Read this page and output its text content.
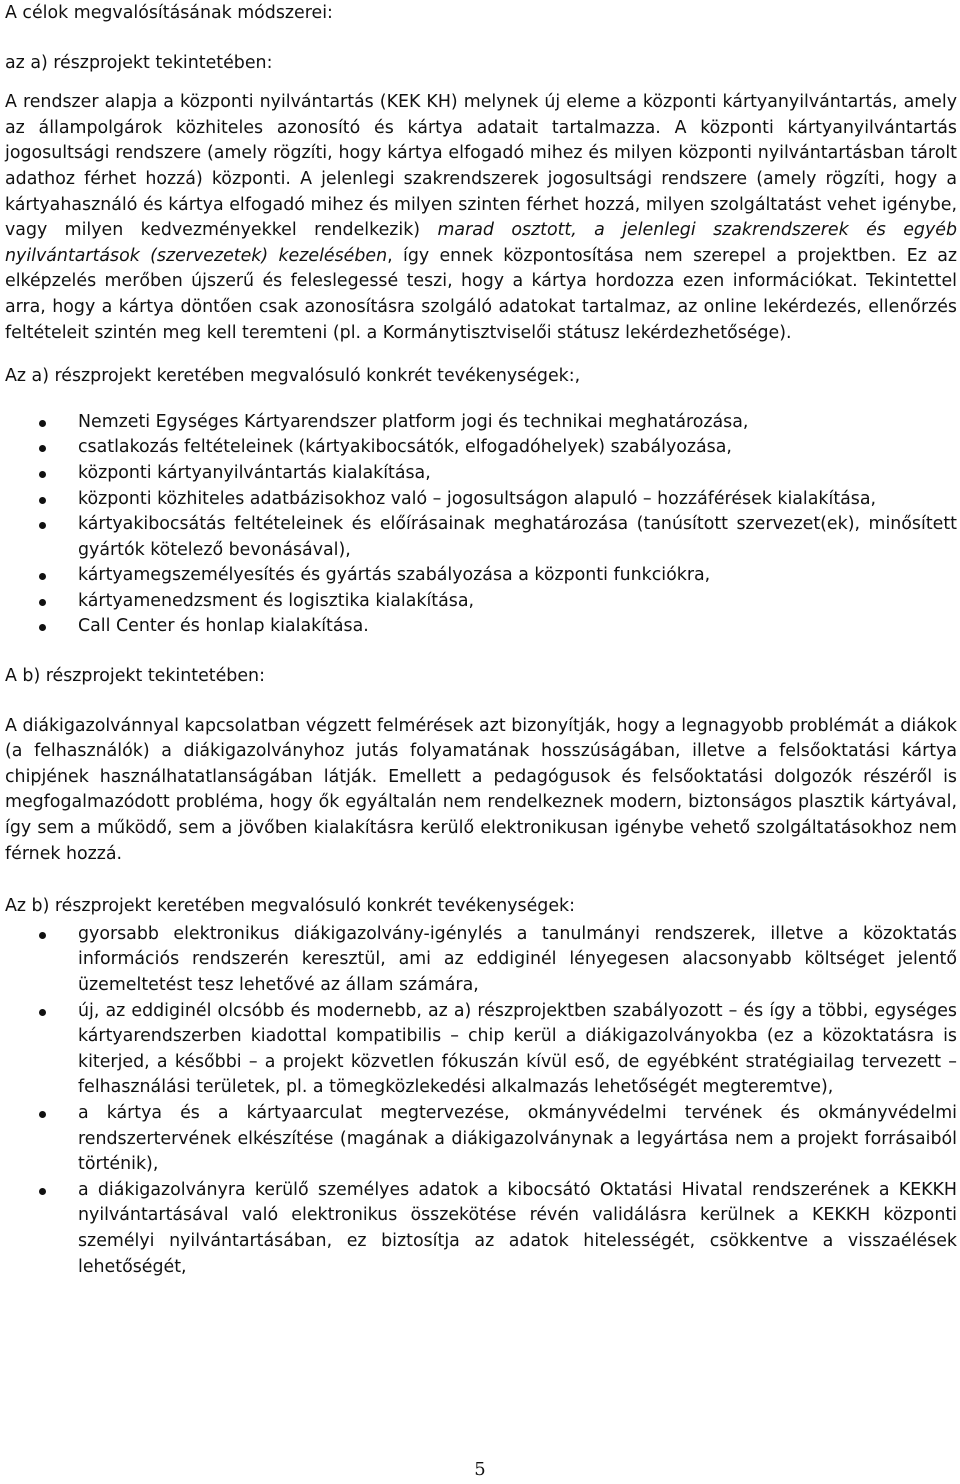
A célok megvalósításának módszerei:

az a) részprojekt tekintetében:

A rendszer alapja a központi nyilvántartás (KEK KH) melynek új eleme a központi kártyanyilvántartás, amely az állampolgárok közhiteles azonosító és kártya adatait tartalmazza. A központi kártyanyilvántartás jogosultsági rendszere (amely rögzíti, hogy kártya elfogadó mihez és milyen központi nyilvántartásban tárolt adathoz férhet hozzá) központi. A jelenlegi szakrendszerek jogosultsági rendszere (amely rögzíti, hogy a kártyahasználó és kártya elfogadó mihez és milyen szinten férhet hozzá, milyen szolgáltatást vehet igénybe, vagy milyen kedvezményekkel rendelkezik) marad osztott, a jelenlegi szakrendszerek és egyéb nyilvántartások (szervezetek) kezelésében, így ennek központosítása nem szerepel a projektben. Ez az elképzelés merőben újszerű és feleslegessé teszi, hogy a kártya hordozza ezen információkat. Tekintettel arra, hogy a kártya döntően csak azonosításra szolgáló adatokat tartalmaz, az online lekérdezés, ellenőrzés feltételeit szintén meg kell teremteni (pl. a Kormánytisztviselői státusz lekérdezhetősége).

Az a) részprojekt keretében megvalósuló konkrét tevékenységek:,

Nemzeti Egységes Kártyarendszer platform jogi és technikai meghatározása,
csatlakozás feltételeinek (kártyakibocsátók, elfogadóhelyek) szabályozása,
központi kártyanyilvántartás kialakítása,
központi közhiteles adatbázisokhoz való – jogosultságon alapuló – hozzáférések kialakítása,
kártyakibocsátás feltételeinek és előírásainak meghatározása (tanúsított szervezet(ek), minősített gyártók kötelező bevonásával),
kártyamegszemélyesítés és gyártás szabályozása a központi funkciókra,
kártyamenedzsment és logisztika kialakítása,
Call Center és honlap kialakítása.

A b) részprojekt tekintetében:

A diákigazolvánnyal kapcsolatban végzett felmérések azt bizonyítják, hogy a legnagyobb problémát a diákok (a felhasználók) a diákigazolványhoz jutás folyamatának hosszúságában, illetve a felsőoktatási kártya chipjének használhatatlanságában látják. Emellett a pedagógusok és felsőoktatási dolgozók részéről is megfogalmazódott probléma, hogy ők egyáltalán nem rendelkeznek modern, biztonságos plasztik kártyával, így sem a működő, sem a jövőben kialakításra kerülő elektronikusan igénybe vehető szolgáltatásokhoz nem férnek hozzá.

Az b) részprojekt keretében megvalósuló konkrét tevékenységek:

gyorsabb elektronikus diákigazolvány-igénylés a tanulmányi rendszerek, illetve a közoktatás információs rendszerén keresztül, ami az eddiginél lényegesen alacsonyabb költséget jelentő üzemeltetést tesz lehetővé az állam számára,
új, az eddiginél olcsóbb és modernebb, az a) részprojektben szabályozott – és így a többi, egységes kártyarendszerben kiadottal kompatibilis – chip kerül a diákigazolványokba (ez a közoktatásra is kiterjed, a későbbi – a projekt közvetlen fókuszán kívül eső, de egyébként stratégiailag tervezett – felhasználási területek, pl. a tömegközlekedési alkalmazás lehetőségét megteremtve),
a kártya és a kártyaarculat megtervezése, okmányvédelmi tervének és okmányvédelmi rendszertervének elkészítése (magának a diákigazolványnak a legyártása nem a projekt forrásaiból történik),
a diákigazolványra kerülő személyes adatok a kibocsátó Oktatási Hivatal rendszerének a KEKKH nyilvántartásával való elektronikus összekötése révén validálásra kerülnek a KEKKH központi személyi nyilvántartásában, ez biztosítja az adatok hitelességét, csökkentve a visszaélések lehetőségét,
5
